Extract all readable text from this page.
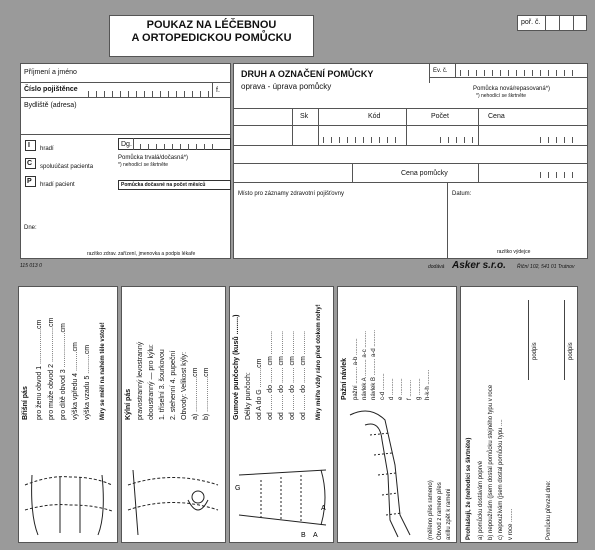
POUKAZ NA LÉČEBNOU
A ORTOPEDICKOU POMŮCKU
poř. č.
Příjmení a jméno
Číslo pojištěnce	f.
Bydliště (adresa)
I hradí
C spoluúčast pacienta
P hradí pacient
Dg.
Pomůcka trvalá/dočasná*)
*) nehodící se škrtněte
Pomůcka dočasné na počet měsíců
Dne:
razítko zdrav. zařízení, jmenovka a podpis lékaře
115 013 0
DRUH A OZNAČENÍ POMŮCKY
oprava - úprava pomůcky
Ev. č.
Pomůcka nová/repasovaná*)
*) nehodící se škrtněte
Sk	Kód	Počet	Cena
Cena pomůcky
Místo pro záznamy zdravotní pojišťovny	Datum:
razítko výdejce
dodává Asker s.r.o. Říční 102, 541 01 Trutnov
Břišní pás pro ženu obvod 1 ..................cm pro muže obvod 2 ..................cm pro dítě obvod 3 ..................cm výška vpředu 4 ..........cm výška vzadu 5 ..........cm Míry se měří na nahém těle vstoje!	Kýlní pás pravostranný levostranný oboustranný — pro kýlu: 1. tříselní 3. šourkovou 2. stehenní 4. pupeční Obvody: Velikost kýly: a) ..................cm b) ..................cm	Gumové punčochy (kusů .........) Délky punčoch: od A do G ..........cm od ........ do ........ cm ............ od ........ do ........ cm ............ od ........ do ........ cm ............ od ........ do ........ cm ............ Míry měřte vždy ráno před otokem nohy!
G
A
B A
Pažní návlek pažní .......... a-b .......... návlek A .......... a-c .......... návlek B .......... a-d .......... c-d .......... d .......... e .......... f .......... g .......... h-k-h .........
(měřeno přes rameno) Obvod z ramene přes axillu zpět k rameni Prohlašuji, že (nehodící se škrtněte) a) pomůcku dostávám poprvé b) nepoužívám (jsem dostal pomůcku stejného typu v roce c) nepoužívám (jsem dostal pomůcku typu .... v roce ........	Pomůcku převzal dne:
podpis	podpis
